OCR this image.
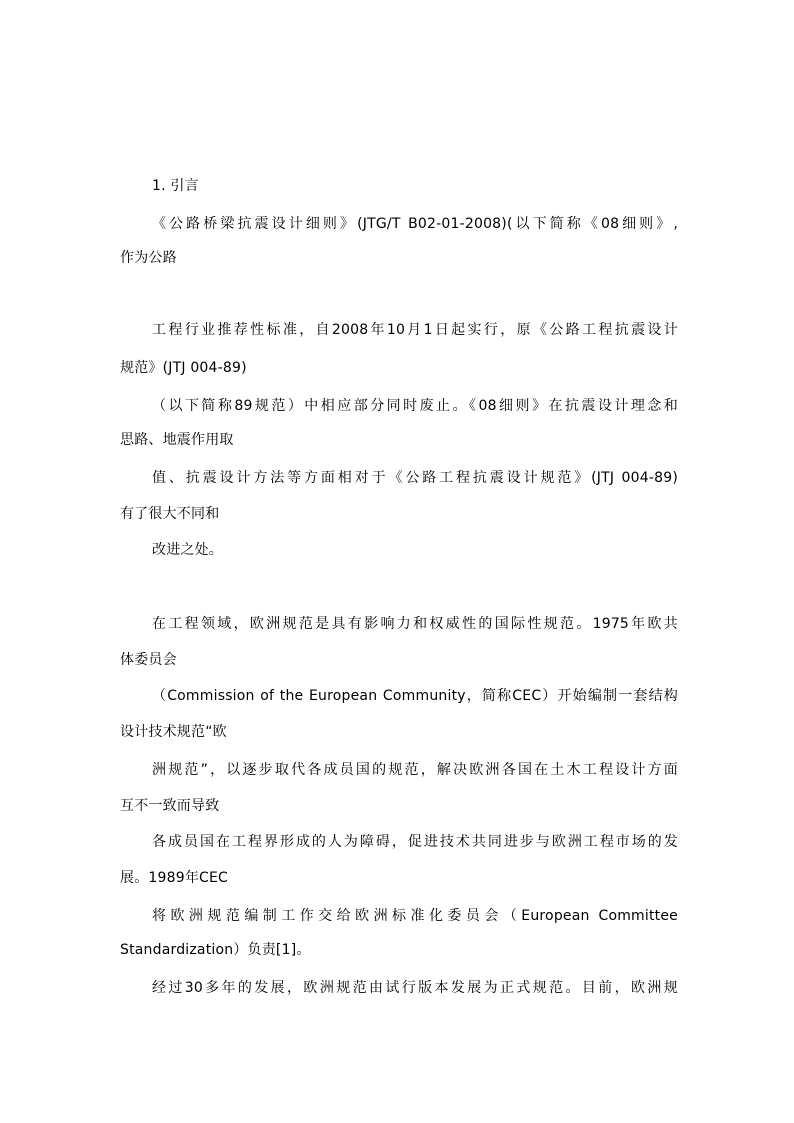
1. 引言
《公路桥梁抗震设计细则》(JTG/T B02-01-2008)(以下简称《08细则》,
作为公路
工程行业推荐性标准，自2008年10月1日起实行，原《公路工程抗震设计
规范》(JTJ 004-89)
（以下简称89规范）中相应部分同时废止。《08细则》在抗震设计理念和
思路、地震作用取
值、抗震设计方法等方面相对于《公路工程抗震设计规范》(JTJ 004-89)
有了很大不同和
改进之处。
在工程领域，欧洲规范是具有影响力和权威性的国际性规范。1975年欧共
体委员会
（Commission of the European Community，简称CEC）开始编制一套结构
设计技术规范“欧
洲规范”，以逐步取代各成员国的规范，解决欧洲各国在土木工程设计方面
互不一致而导致
各成员国在工程界形成的人为障碍，促进技术共同进步与欧洲工程市场的发
展。1989年CEC
将欧洲规范编制工作交给欧洲标准化委员会（European Committee
Standardization）负责[1]。
经过30多年的发展，欧洲规范由试行版本发展为正式规范。目前，欧洲规
